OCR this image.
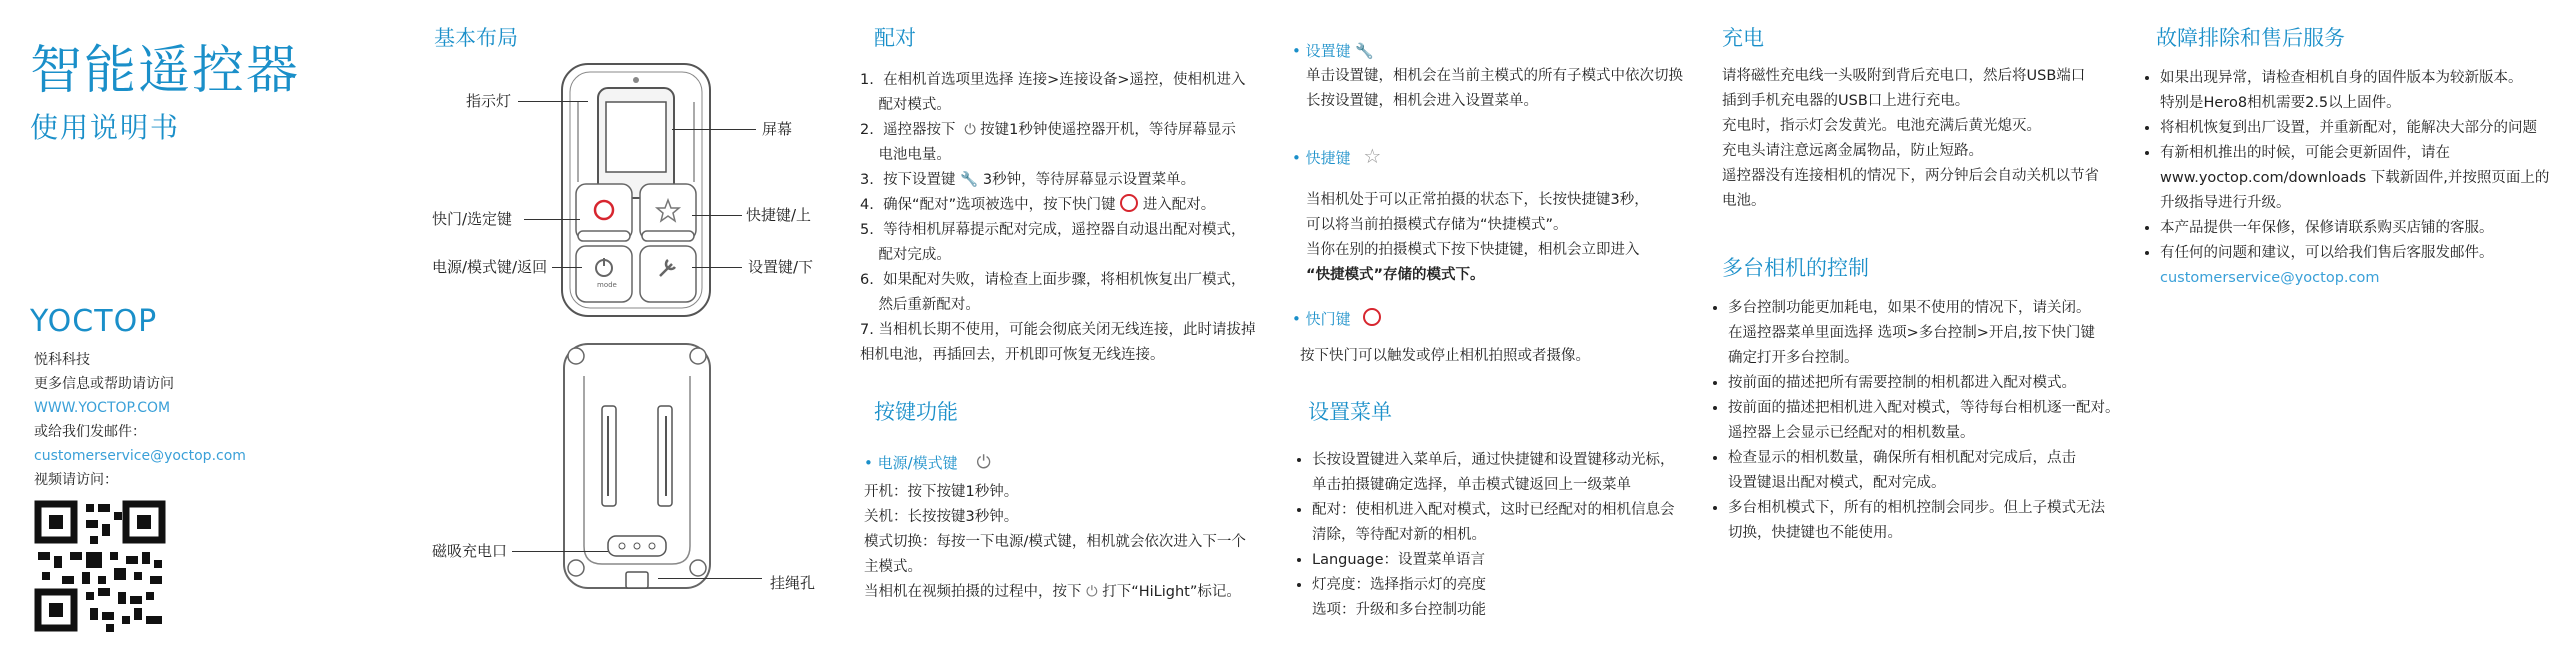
智能遥控器
使用说明书
YOCTOP
悦科科技
更多信息或帮助请访问
WWW.YOCTOP.COM
或给我们发邮件：
customerservice@yoctop.com
视频请访问：
基本布局
mode
指示灯
屏幕
快门/选定键	快捷键/上
电源/模式键/返回	设置键/下
磁吸充电口
挂绳孔
配对
1.  在相机首选项里选择 连接>连接设备>遥控，使相机进入
配对模式。
2.  遥控器按下 ⏻ 按键1秒钟使遥控器开机，等待屏幕显示
电池电量。
3.  按下设置键 🔧 3秒钟，等待屏幕显示设置菜单。
4.  确保“配对”选项被选中，按下快门键 进入配对。
5.  等待相机屏幕提示配对完成，遥控器自动退出配对模式，
配对完成。
6.  如果配对失败，请检查上面步骤，将相机恢复出厂模式，
然后重新配对。
7. 当相机长期不使用，可能会彻底关闭无线连接，此时请拔掉
相机电池，再插回去，开机即可恢复无线连接。
按键功能
• 电源/模式键 ⏻
开机：按下按键1秒钟。
关机：长按按键3秒钟。
模式切换：每按一下电源/模式键，相机就会依次进入下一个
主模式。
当相机在视频拍摄的过程中，按下 ⏻ 打下“HiLight”标记。
• 设置键 🔧
单击设置键，相机会在当前主模式的所有子模式中依次切换
长按设置键，相机会进入设置菜单。
• 快捷键 ☆
当相机处于可以正常拍摄的状态下，长按快捷键3秒，
可以将当前拍摄模式存储为“快捷模式”。
当你在别的拍摄模式下按下快捷键，相机会立即进入
“快捷模式”存储的模式下。
• 快门键
按下快门可以触发或停止相机拍照或者摄像。
设置菜单
• 长按设置键进入菜单后，通过快捷键和设置键移动光标，
单击拍摄键确定选择，单击模式键返回上一级菜单
• 配对：使相机进入配对模式，这时已经配对的相机信息会
清除，等待配对新的相机。
• Language：设置菜单语言
• 灯亮度：选择指示灯的亮度
选项：升级和多台控制功能
充电
请将磁性充电线一头吸附到背后充电口，然后将USB端口
插到手机充电器的USB口上进行充电。
充电时，指示灯会发黄光。电池充满后黄光熄灭。
充电头请注意远离金属物品，防止短路。
遥控器没有连接相机的情况下，两分钟后会自动关机以节省
电池。
多台相机的控制
• 多台控制功能更加耗电，如果不使用的情况下，请关闭。
在遥控器菜单里面选择 选项>多台控制>开启,按下快门键
确定打开多台控制。
• 按前面的描述把所有需要控制的相机都进入配对模式。
• 按前面的描述把相机进入配对模式，等待每台相机逐一配对。
遥控器上会显示已经配对的相机数量。
• 检查显示的相机数量，确保所有相机配对完成后，点击
设置键退出配对模式，配对完成。
• 多台相机模式下，所有的相机控制会同步。但上子模式无法
切换，快捷键也不能使用。
故障排除和售后服务
• 如果出现异常，请检查相机自身的固件版本为较新版本。
特别是Hero8相机需要2.5以上固件。
• 将相机恢复到出厂设置，并重新配对，能解决大部分的问题
• 有新相机推出的时候，可能会更新固件，请在
www.yoctop.com/downloads 下载新固件,并按照页面上的
升级指导进行升级。
• 本产品提供一年保修，保修请联系购买店铺的客服。
• 有任何的问题和建议，可以给我们售后客服发邮件。
customerservice@yoctop.com
